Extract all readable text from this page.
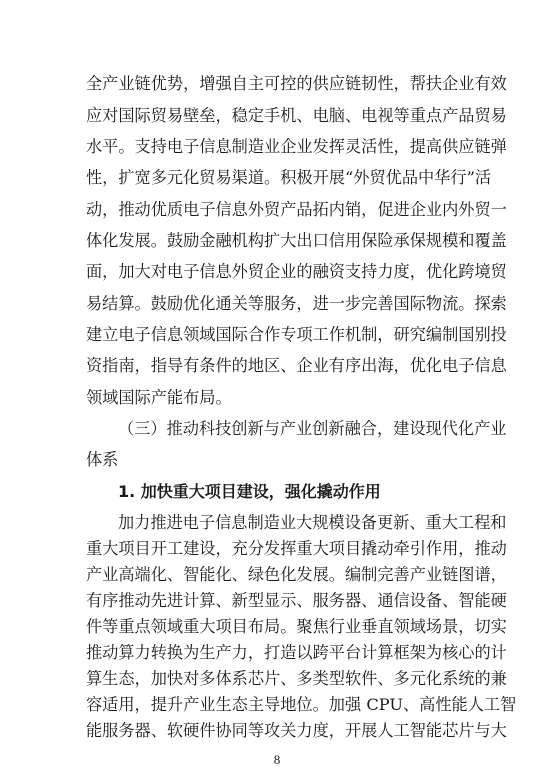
全产业链优势，增强自主可控的供应链韧性，帮扶企业有效
应对国际贸易壁垒，稳定手机、电脑、电视等重点产品贸易
水平。支持电子信息制造业企业发挥灵活性，提高供应链弹
性，扩宽多元化贸易渠道。积极开展“外贸优品中华行”活
动，推动优质电子信息外贸产品拓内销，促进企业内外贸一
体化发展。鼓励金融机构扩大出口信用保险承保规模和覆盖
面，加大对电子信息外贸企业的融资支持力度，优化跨境贸
易结算。鼓励优化通关等服务，进一步完善国际物流。探索
建立电子信息领域国际合作专项工作机制，研究编制国别投
资指南，指导有条件的地区、企业有序出海，优化电子信息
领域国际产能布局。
（三）推动科技创新与产业创新融合，建设现代化产业
体系
1. 加快重大项目建设，强化撬动作用
加力推进电子信息制造业大规模设备更新、重大工程和
重大项目开工建设，充分发挥重大项目撬动牵引作用，推动
产业高端化、智能化、绿色化发展。编制完善产业链图谱，
有序推动先进计算、新型显示、服务器、通信设备、智能硬
件等重点领域重大项目布局。聚焦行业垂直领域场景，切实
推动算力转换为生产力，打造以跨平台计算框架为核心的计
算生态，加快对多体系芯片、多类型软件、多元化系统的兼
容适用，提升产业生态主导地位。加强 CPU、高性能人工智
能服务器、软硬件协同等攻关力度，开展人工智能芯片与大
8
